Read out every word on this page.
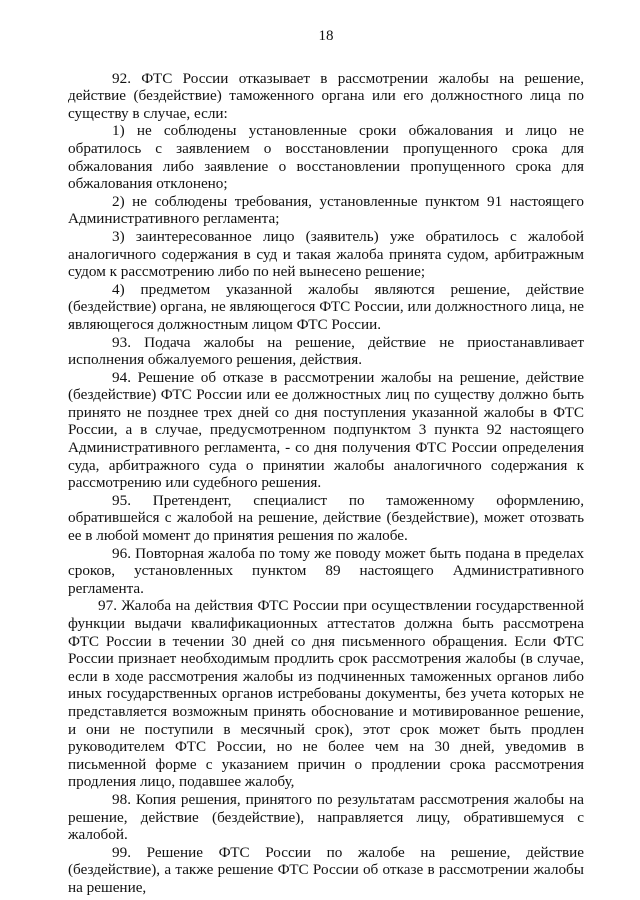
18

92. ФТС России отказывает в рассмотрении жалобы на решение, действие (бездействие) таможенного органа или его должностного лица по существу в случае, если:

1) не соблюдены установленные сроки обжалования и лицо не обратилось с заявлением о восстановлении пропущенного срока для обжалования либо заявление о восстановлении пропущенного срока для обжалования отклонено;

2) не соблюдены требования, установленные пунктом 91 настоящего Административного регламента;

3) заинтересованное лицо (заявитель) уже обратилось с жалобой аналогичного содержания в суд и такая жалоба принята судом, арбитражным судом к рассмотрению либо по ней вынесено решение;

4) предметом указанной жалобы являются решение, действие (бездействие) органа, не являющегося ФТС России, или должностного лица, не являющегося должностным лицом ФТС России.

93. Подача жалобы на решение, действие не приостанавливает исполнения обжалуемого решения, действия.

94. Решение об отказе в рассмотрении жалобы на решение, действие (бездействие) ФТС России или ее должностных лиц по существу должно быть принято не позднее трех дней со дня поступления указанной жалобы в ФТС России, а в случае, предусмотренном подпунктом 3 пункта 92 настоящего Административного регламента, - со дня получения ФТС России определения суда, арбитражного суда о принятии жалобы аналогичного содержания к рассмотрению или судебного решения.

95. Претендент, специалист по таможенному оформлению, обратившейся с жалобой на решение, действие (бездействие), может отозвать ее в любой момент до принятия решения по жалобе.

96. Повторная жалоба по тому же поводу может быть подана в пределах сроков, установленных пунктом 89 настоящего Административного регламента.

97. Жалоба на действия ФТС России при осуществлении государственной функции выдачи квалификационных аттестатов должна быть рассмотрена ФТС России в течении 30 дней со дня письменного обращения. Если ФТС России признает необходимым продлить срок рассмотрения жалобы (в случае, если в ходе рассмотрения жалобы из подчиненных таможенных органов либо иных государственных органов истребованы документы, без учета которых не представляется возможным принять обоснование и мотивированное решение, и они не поступили в месячный срок), этот срок может быть продлен руководителем ФТС России, но не более чем на 30 дней, уведомив в письменной форме с указанием причин о продлении срока рассмотрения продления лицо, подавшее жалобу,

98. Копия решения, принятого по результатам рассмотрения жалобы на решение, действие (бездействие), направляется лицу, обратившемуся с жалобой.

99. Решение ФТС России по жалобе на решение, действие (бездействие), а также решение ФТС России об отказе в рассмотрении жалобы на решение,
